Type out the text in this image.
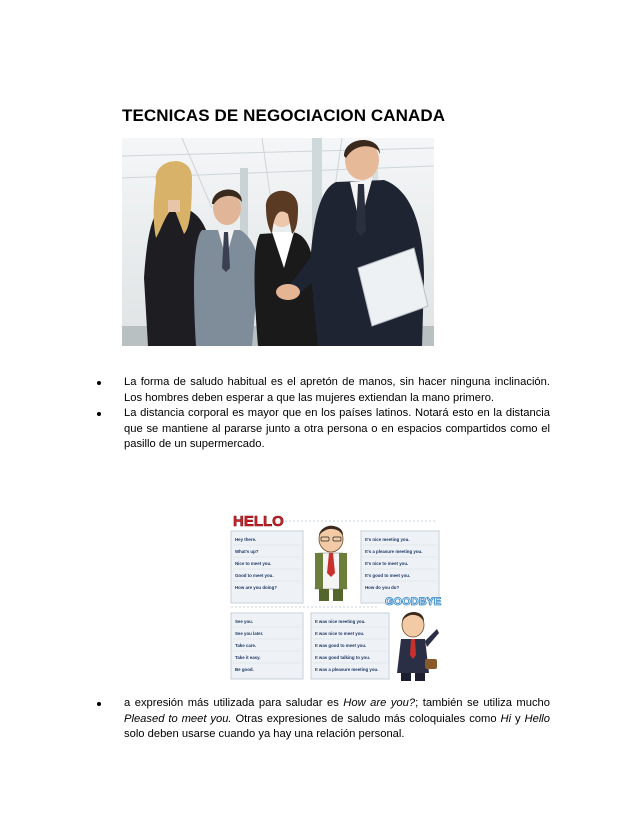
TECNICAS DE NEGOCIACION CANADA
La forma de saludo habitual es el apretón de manos, sin hacer ninguna inclinación. Los hombres deben esperar a que las mujeres extiendan la mano primero.
La distancia corporal es mayor que en los países latinos. Notará esto en la distancia que se mantiene al pararse junto a otra persona o en espacios compartidos como el pasillo de un supermercado.
HELLO
Hey there.
What's up?
Nice to meet you.
Good to meet you.
How are you doing?
It's nice meeting you.
It's a pleasure meeting you.
It's nice to meet you.
It's good to meet you.
How do you do?
GOODBYE
See you.
See you later.
Take care.
Take it easy.
Be good.
It was nice meeting you.
It was nice to meet you.
It was good to meet you.
It was good talking to you.
It was a pleasure meeting you.
a expresión más utilizada para saludar es How are you?; también se utiliza mucho Pleased to meet you. Otras expresiones de saludo más coloquiales como Hi y Hello solo deben usarse cuando ya hay una relación personal.
